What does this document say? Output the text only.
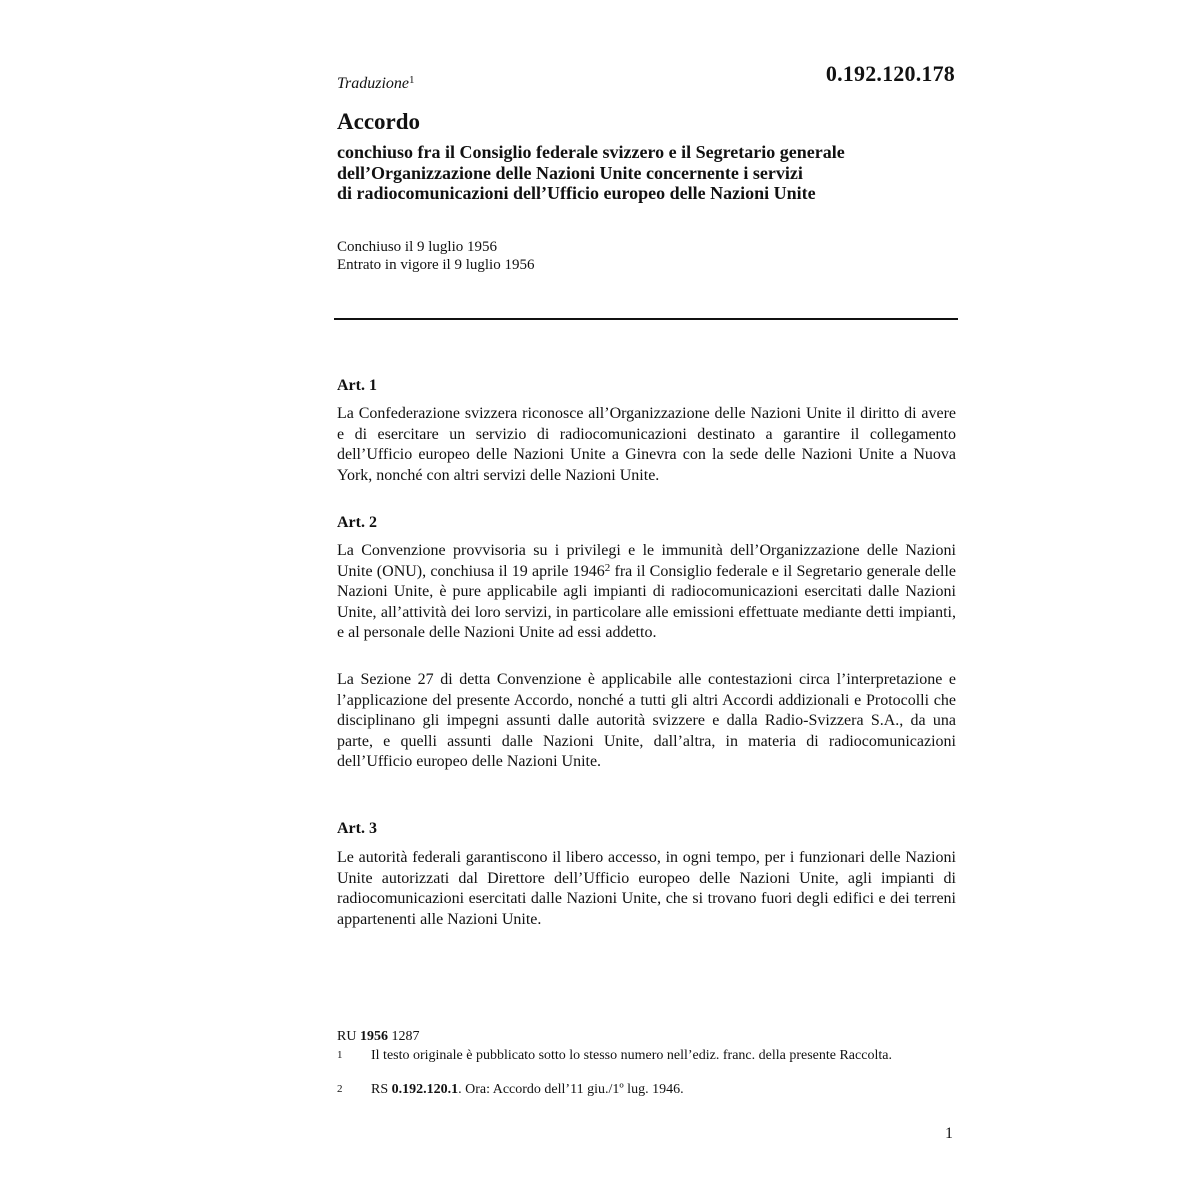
Traduzione$^1$	0.192.120.178
Accordo
conchiuso fra il Consiglio federale svizzero e il Segretario generale
dell’Organizzazione delle Nazioni Unite concernente i servizi
di radiocomunicazioni dell’Ufficio europeo delle Nazioni Unite
Conchiuso il 9 luglio 1956
Entrato in vigore il 9 luglio 1956
Art. 1

La Confederazione svizzera riconosce all’Organizzazione delle Nazioni Unite il diritto di avere e di esercitare un servizio di radiocomunicazioni destinato a garantire il collegamento dell’Ufficio europeo delle Nazioni Unite a Ginevra con la sede delle Nazioni Unite a Nuova York, nonché con altri servizi delle Nazioni Unite.

Art. 2

La Convenzione provvisoria su i privilegi e le immunità dell’Organizzazione delle Nazioni Unite (ONU), conchiusa il 19 aprile 1946$^2$ fra il Consiglio federale e il Segretario generale delle Nazioni Unite, è pure applicabile agli impianti di radiocomunicazioni esercitati dalle Nazioni Unite, all’attività dei loro servizi, in particolare alle emissioni effettuate mediante detti impianti, e al personale delle Nazioni Unite ad essi addetto.

La Sezione 27 di detta Convenzione è applicabile alle contestazioni circa l’interpretazione e l’applicazione del presente Accordo, nonché a tutti gli altri Accordi addizionali e Protocolli che disciplinano gli impegni assunti dalle autorità svizzere e dalla Radio-Svizzera S.A., da una parte, e quelli assunti dalle Nazioni Unite, dall’altra, in materia di radiocomunicazioni dell’Ufficio europeo delle Nazioni Unite.

Art. 3

Le autorità federali garantiscono il libero accesso, in ogni tempo, per i funzionari delle Nazioni Unite autorizzati dal Direttore dell’Ufficio europeo delle Nazioni Unite, agli impianti di radiocomunicazioni esercitati dalle Nazioni Unite, che si trovano fuori degli edifici e dei terreni appartenenti alle Nazioni Unite.

RU 1956 1287
1 Il testo originale è pubblicato sotto lo stesso numero nell’ediz. franc. della presente Raccolta.
2 RS 0.192.120.1. Ora: Accordo dell’11 giu./1º lug. 1946.
1
